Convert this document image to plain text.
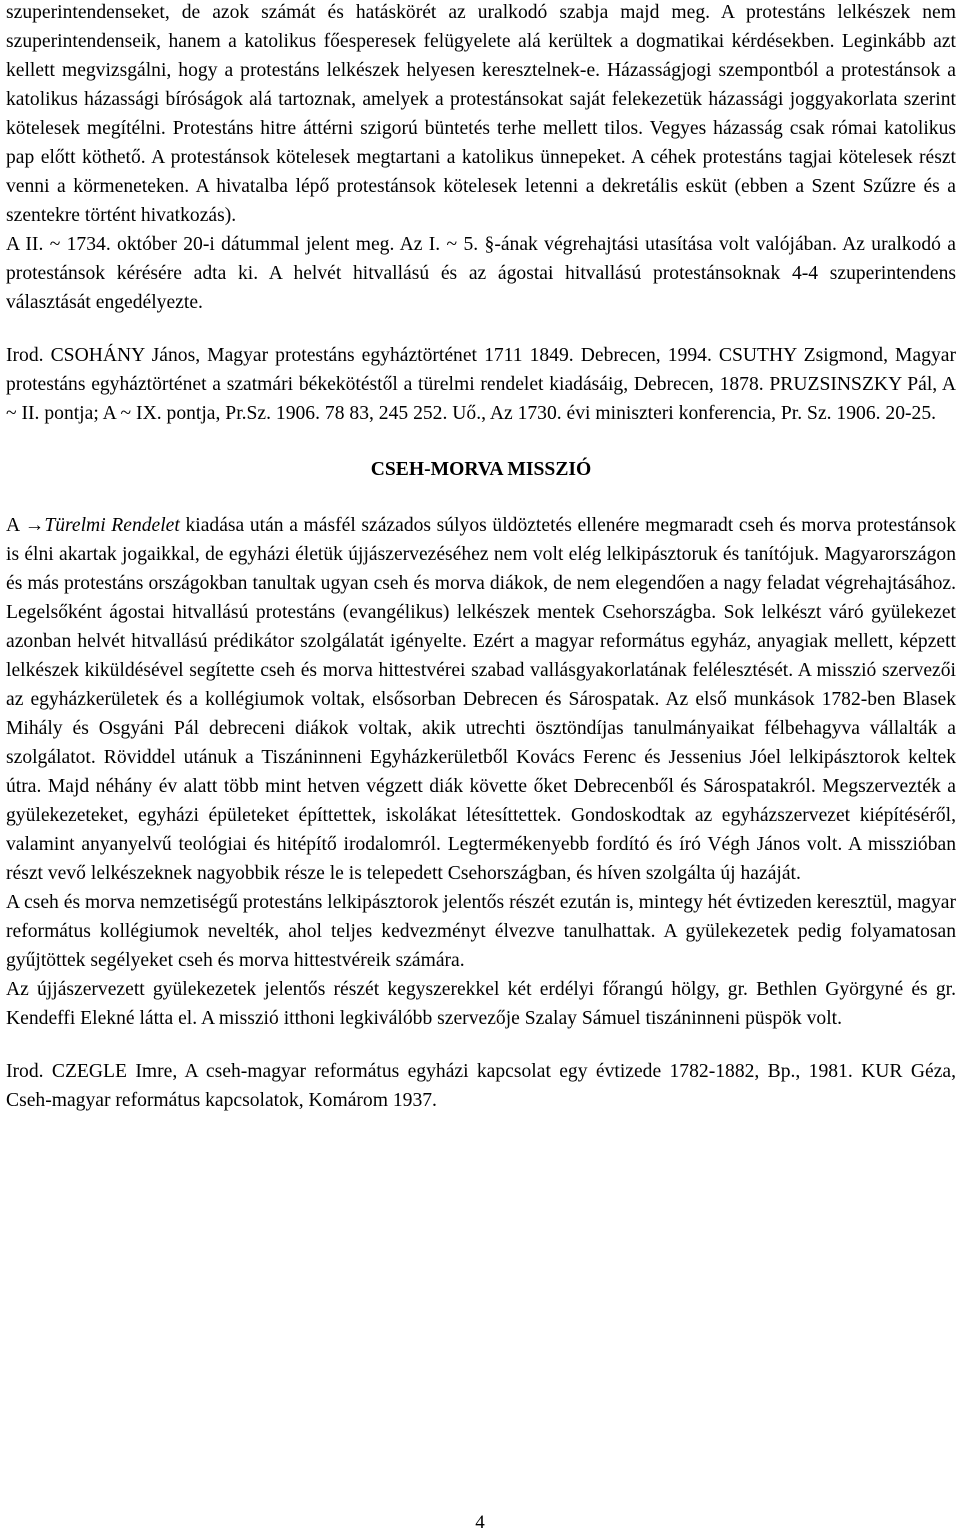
szuperintendenseket, de azok számát és hatáskörét az uralkodó szabja majd meg. A protestáns lelkészek nem szuperintendenseik, hanem a katolikus főesperesek felügyelete alá kerültek a dogmatikai kérdésekben. Leginkább azt kellett megvizsgálni, hogy a protestáns lelkészek helyesen keresztelnek-e. Házasságjogi szempontból a protestánsok a katolikus házassági bíróságok alá tartoznak, amelyek a protestánsokat saját felekezetük házassági joggyakorlata szerint kötelesek megítélni. Protestáns hitre áttérni szigorú büntetés terhe mellett tilos. Vegyes házasság csak római katolikus pap előtt köthető. A protestánsok kötelesek megtartani a katolikus ünnepeket. A céhek protestáns tagjai kötelesek részt venni a körmeneteken. A hivatalba lépő protestánsok kötelesek letenni a dekretális esküt (ebben a Szent Szűzre és a szentekre történt hivatkozás).

A II. ~ 1734. október 20-i dátummal jelent meg. Az I. ~ 5. §-ának végrehajtási utasítása volt valójában. Az uralkodó a protestánsok kérésére adta ki. A helvét hitvallású és az ágostai hitvallású protestánsoknak 4-4 szuperintendens választását engedélyezte.

Irod. CSOHÁNY János, Magyar protestáns egyháztörténet 1711 1849. Debrecen, 1994. CSUTHY Zsigmond, Magyar protestáns egyháztörténet a szatmári békekötéstől a türelmi rendelet kiadásáig, Debrecen, 1878. PRUZSINSZKY Pál, A ~ II. pontja; A ~ IX. pontja, Pr.Sz. 1906. 78 83, 245 252. Uő., Az 1730. évi miniszteri konferencia, Pr. Sz. 1906. 20-25.

CSEH-MORVA MISSZIÓ

A →Türelmi Rendelet kiadása után a másfél százados súlyos üldöztetés ellenére megmaradt cseh és morva protestánsok is élni akartak jogaikkal, de egyházi életük újjászervezéséhez nem volt elég lelkipásztoruk és tanítójuk. Magyarországon és más protestáns országokban tanultak ugyan cseh és morva diákok, de nem elegendően a nagy feladat végrehajtásához. Legelsőként ágostai hitvallású protestáns (evangélikus) lelkészek mentek Csehországba. Sok lelkészt váró gyülekezet azonban helvét hitvallású prédikátor szolgálatát igényelte. Ezért a magyar református egyház, anyagiak mellett, képzett lelkészek kiküldésével segítette cseh és morva hittestvérei szabad vallásgyakorlatának felélesztését. A misszió szervezői az egyházkerületek és a kollégiumok voltak, elsősorban Debrecen és Sárospatak. Az első munkások 1782-ben Blasek Mihály és Osgyáni Pál debreceni diákok voltak, akik utrechti ösztöndíjas tanulmányaikat félbehagyva vállalták a szolgálatot. Röviddel utánuk a Tiszáninneni Egyházkerületből Kovács Ferenc és Jessenius Jóel lelkipásztorok keltek útra. Majd néhány év alatt több mint hetven végzett diák követte őket Debrecenből és Sárospatakról. Megszervezték a gyülekezeteket, egyházi épületeket építtettek, iskolákat létesíttettek. Gondoskodtak az egyházszervezet kiépítéséről, valamint anyanyelvű teológiai és hitépítő irodalomról. Legtermékenyebb fordító és író Végh János volt. A misszióban részt vevő lelkészeknek nagyobbik része le is telepedett Csehországban, és híven szolgálta új hazáját.

A cseh és morva nemzetiségű protestáns lelkipásztorok jelentős részét ezután is, mintegy hét évtizeden keresztül, magyar református kollégiumok nevelték, ahol teljes kedvezményt élvezve tanulhattak. A gyülekezetek pedig folyamatosan gyűjtöttek segélyeket cseh és morva hittestvéreik számára.

Az újjászervezett gyülekezetek jelentős részét kegyszerekkel két erdélyi főrangú hölgy, gr. Bethlen Györgyné és gr. Kendeffi Elekné látta el. A misszió itthoni legkiválóbb szervezője Szalay Sámuel tiszáninneni püspök volt.

Irod. CZEGLE Imre, A cseh-magyar református egyházi kapcsolat egy évtizede 1782-1882, Bp., 1981. KUR Géza, Cseh-magyar református kapcsolatok, Komárom 1937.

4
